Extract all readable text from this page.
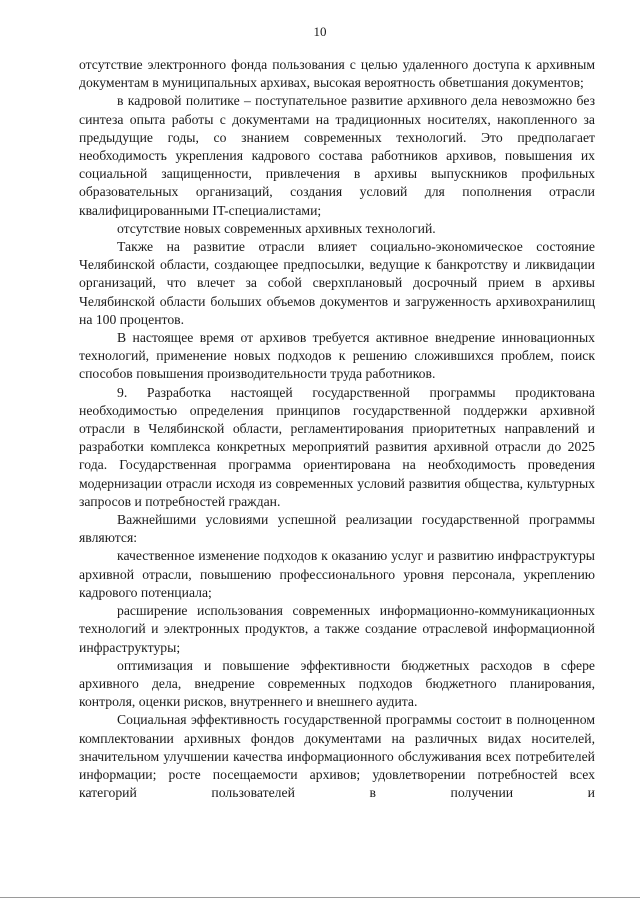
10

отсутствие электронного фонда пользования с целью удаленного доступа к архивным документам в муниципальных архивах, высокая вероятность обветшания документов;

в кадровой политике – поступательное развитие архивного дела невозможно без синтеза опыта работы с документами на традиционных носителях, накопленного за предыдущие годы, со знанием современных технологий. Это предполагает необходимость укрепления кадрового состава работников архивов, повышения их социальной защищенности, привлечения в архивы выпускников профильных образовательных организаций, создания условий для пополнения отрасли квалифицированными IT-специалистами;

отсутствие новых современных архивных технологий.

Также на развитие отрасли влияет социально-экономическое состояние Челябинской области, создающее предпосылки, ведущие к банкротству и ликвидации организаций, что влечет за собой сверхплановый досрочный прием в архивы Челябинской области больших объемов документов и загруженность архивохранилищ на 100 процентов.

В настоящее время от архивов требуется активное внедрение инновационных технологий, применение новых подходов к решению сложившихся проблем, поиск способов повышения производительности труда работников.

9. Разработка настоящей государственной программы продиктована необходимостью определения принципов государственной поддержки архивной отрасли в Челябинской области, регламентирования приоритетных направлений и разработки комплекса конкретных мероприятий развития архивной отрасли до 2025 года. Государственная программа ориентирована на необходимость проведения модернизации отрасли исходя из современных условий развития общества, культурных запросов и потребностей граждан.

Важнейшими условиями успешной реализации государственной программы являются:

качественное изменение подходов к оказанию услуг и развитию инфраструктуры архивной отрасли, повышению профессионального уровня персонала, укреплению кадрового потенциала;

расширение использования современных информационно-коммуникационных технологий и электронных продуктов, а также создание отраслевой информационной инфраструктуры;

оптимизация и повышение эффективности бюджетных расходов в сфере архивного дела, внедрение современных подходов бюджетного планирования, контроля, оценки рисков, внутреннего и внешнего аудита.

Социальная эффективность государственной программы состоит в полноценном комплектовании архивных фондов документами на различных видах носителей, значительном улучшении качества информационного обслуживания всех потребителей информации; росте посещаемости архивов; удовлетворении потребностей всех категорий пользователей в получении и
